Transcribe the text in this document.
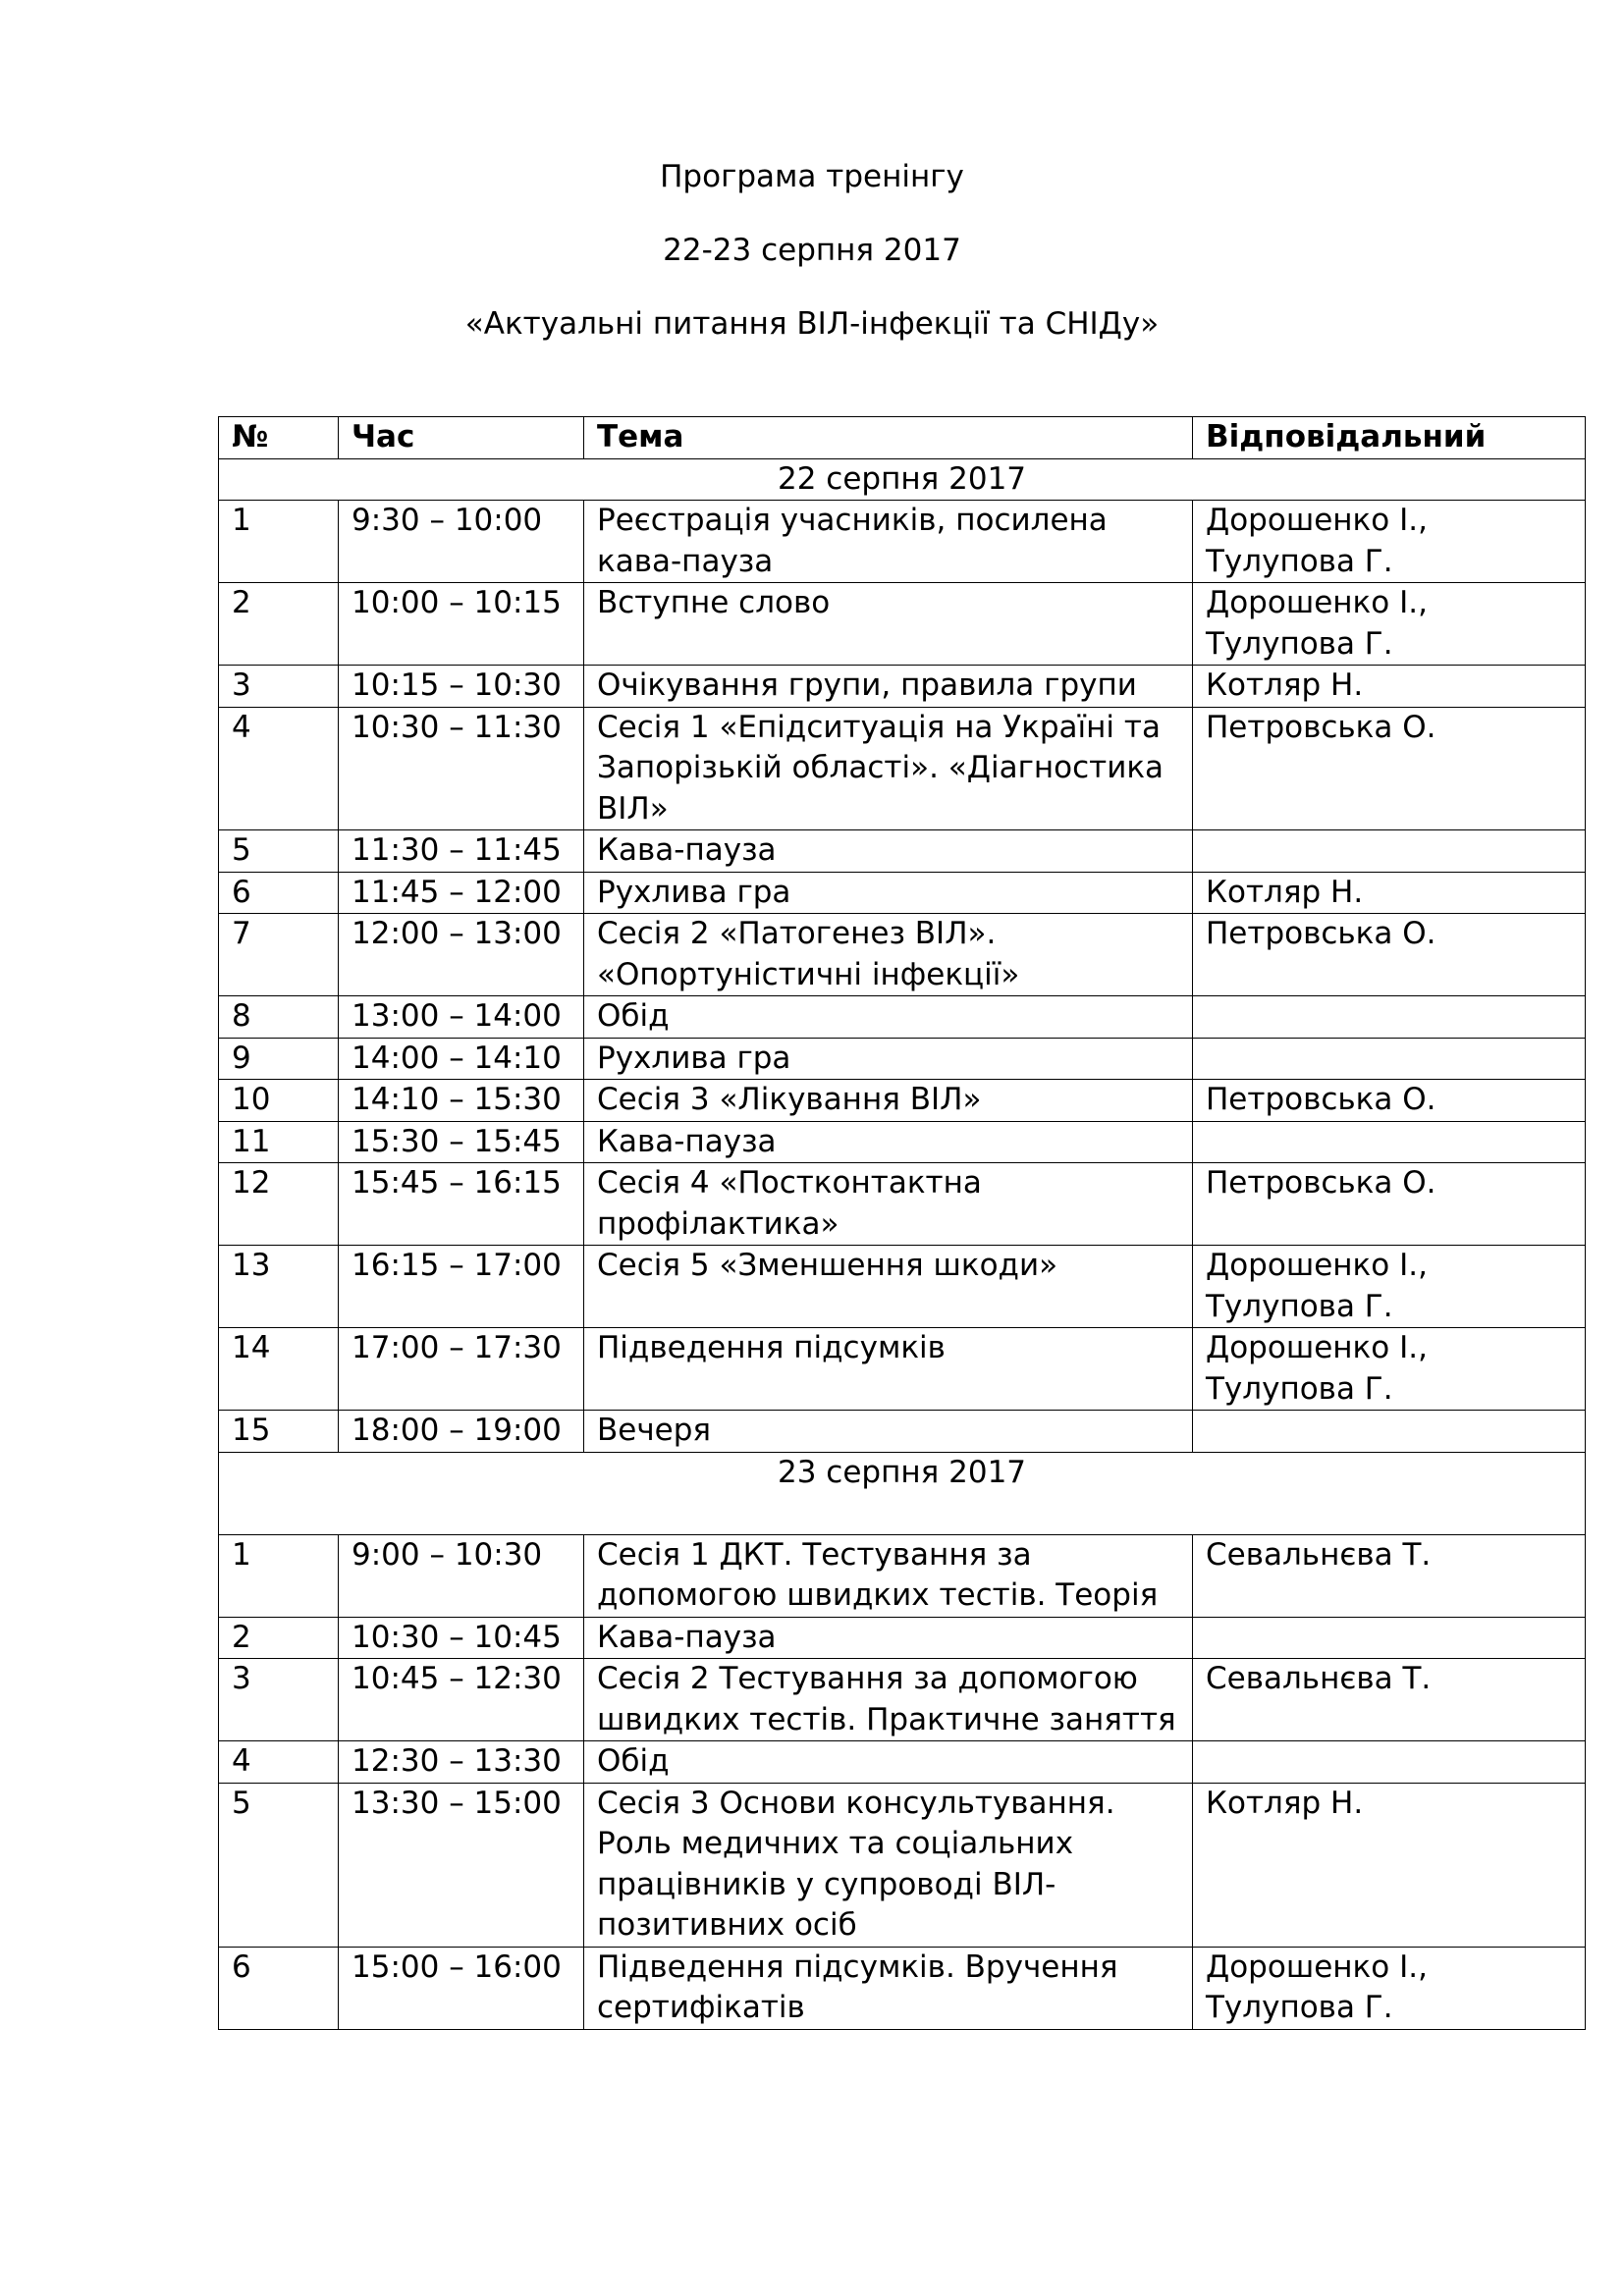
Програма тренінгу
22-23 серпня 2017
«Актуальні питання ВІЛ-інфекції та СНІДу»
№	Час	Тема	Відповідальний
22 серпня 2017			
1	9:30 – 10:00	Реєстрація учасників, посилена кава-пауза	Дорошенко І., Тулупова Г.
2	10:00 – 10:15	Вступне слово	Дорошенко І., Тулупова Г.
3	10:15 – 10:30	Очікування групи, правила групи	Котляр Н.
4	10:30 – 11:30	Сесія 1 «Епідситуація на Україні та Запорізькій області». «Діагностика ВІЛ»	Петровська О.
5	11:30 – 11:45	Кава-пауза	
6	11:45 – 12:00	Рухлива гра	Котляр Н.
7	12:00 – 13:00	Сесія 2 «Патогенез ВІЛ». «Опортуністичні інфекції»	Петровська О.
8	13:00 – 14:00	Обід	
9	14:00 – 14:10	Рухлива гра	
10	14:10 – 15:30	Сесія 3 «Лікування ВІЛ»	Петровська О.
11	15:30 – 15:45	Кава-пауза	
12	15:45 – 16:15	Сесія 4 «Постконтактна профілактика»	Петровська О.
13	16:15 – 17:00	Сесія 5 «Зменшення шкоди»	Дорошенко І., Тулупова Г.
14	17:00 – 17:30	Підведення підсумків	Дорошенко І., Тулупова Г.
15	18:00 – 19:00	Вечеря	
23 серпня 2017			
1	9:00 – 10:30	Сесія 1 ДКТ. Тестування за допомогою швидких тестів. Теорія	Севальнєва Т.
2	10:30 – 10:45	Кава-пауза	
3	10:45 – 12:30	Сесія 2 Тестування за допомогою швидких тестів. Практичне заняття	Севальнєва Т.
4	12:30 – 13:30	Обід	
5	13:30 – 15:00	Сесія 3 Основи консультування. Роль медичних та соціальних працівників у супроводі ВІЛ-позитивних осіб	Котляр Н.
6	15:00 – 16:00	Підведення підсумків. Вручення сертифікатів	Дорошенко І., Тулупова Г.
